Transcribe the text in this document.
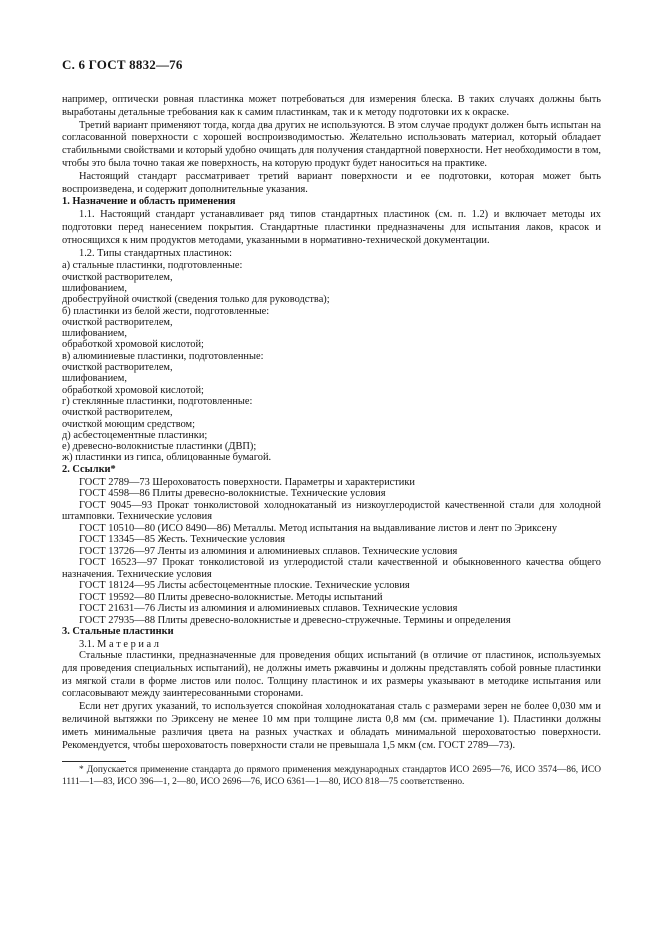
С. 6 ГОСТ 8832—76

например, оптически ровная пластинка может потребоваться для измерения блеска. В таких случаях должны быть выработаны детальные требования как к самим пластинкам, так и к методу подготовки их к окраске.

Третий вариант применяют тогда, когда два других не используются. В этом случае продукт должен быть испытан на согласованной поверхности с хорошей воспроизводимостью. Желательно использовать материал, который обладает стабильными свойствами и который удобно очищать для получения стандартной поверхности. Нет необходимости в том, чтобы это была точно такая же поверхность, на которую продукт будет наноситься на практике.

Настоящий стандарт рассматривает третий вариант поверхности и ее подготовки, которая может быть воспроизведена, и содержит дополнительные указания.

1. Назначение и область применения

1.1. Настоящий стандарт устанавливает ряд типов стандартных пластинок (см. п. 1.2) и включает методы их подготовки перед нанесением покрытия. Стандартные пластинки предназначены для испытания лаков, красок и относящихся к ним продуктов методами, указанными в нормативно-технической документации.

1.2. Типы стандартных пластинок:

а) стальные пластинки, подготовленные:

очисткой растворителем,

шлифованием,

дробеструйной очисткой (сведения только для руководства);

б) пластинки из белой жести, подготовленные:

очисткой растворителем,

шлифованием,

обработкой хромовой кислотой;

в) алюминиевые пластинки, подготовленные:

очисткой растворителем,

шлифованием,

обработкой хромовой кислотой;

г) стеклянные пластинки, подготовленные:

очисткой растворителем,

очисткой моющим средством;

д) асбестоцементные пластинки;

е) древесно-волокнистые пластинки (ДВП);

ж) пластинки из гипса, облицованные бумагой.

2. Ссылки*

ГОСТ 2789—73 Шероховатость поверхности. Параметры и характеристики

ГОСТ 4598—86 Плиты древесно-волокнистые. Технические условия

ГОСТ 9045—93 Прокат тонколистовой холоднокатаный из низкоуглеродистой качественной стали для холодной штамповки. Технические условия

ГОСТ 10510—80 (ИСО 8490—86) Металлы. Метод испытания на выдавливание листов и лент по Эриксену

ГОСТ 13345—85 Жесть. Технические условия

ГОСТ 13726—97 Ленты из алюминия и алюминиевых сплавов. Технические условия

ГОСТ 16523—97 Прокат тонколистовой из углеродистой стали качественной и обыкновенного качества общего назначения. Технические условия

ГОСТ 18124—95 Листы асбестоцементные плоские. Технические условия

ГОСТ 19592—80 Плиты древесно-волокнистые. Методы испытаний

ГОСТ 21631—76 Листы из алюминия и алюминиевых сплавов. Технические условия

ГОСТ 27935—88 Плиты древесно-волокнистые и древесно-стружечные. Термины и определения

3. Стальные пластинки

3.1. М а т е р и а л

Стальные пластинки, предназначенные для проведения общих испытаний (в отличие от пластинок, используемых для проведения специальных испытаний), не должны иметь ржавчины и должны представлять собой ровные пластинки из мягкой стали в форме листов или полос. Толщину пластинок и их размеры указывают в методике испытания или согласовывают между заинтересованными сторонами.

Если нет других указаний, то используется спокойная холоднокатаная сталь с размерами зерен не более 0,030 мм и величиной вытяжки по Эриксену не менее 10 мм при толщине листа 0,8 мм (см. примечание 1). Пластинки должны иметь минимальные различия цвета на разных участках и обладать минимальной шероховатостью поверхности. Рекомендуется, чтобы шероховатость поверхности стали не превышала 1,5 мкм (см. ГОСТ 2789—73).

* Допускается применение стандарта до прямого применения международных стандартов ИСО 2695—76, ИСО 3574—86, ИСО 1111—1—83, ИСО 396—1, 2—80, ИСО 2696—76, ИСО 6361—1—80, ИСО 818—75 соответственно.
